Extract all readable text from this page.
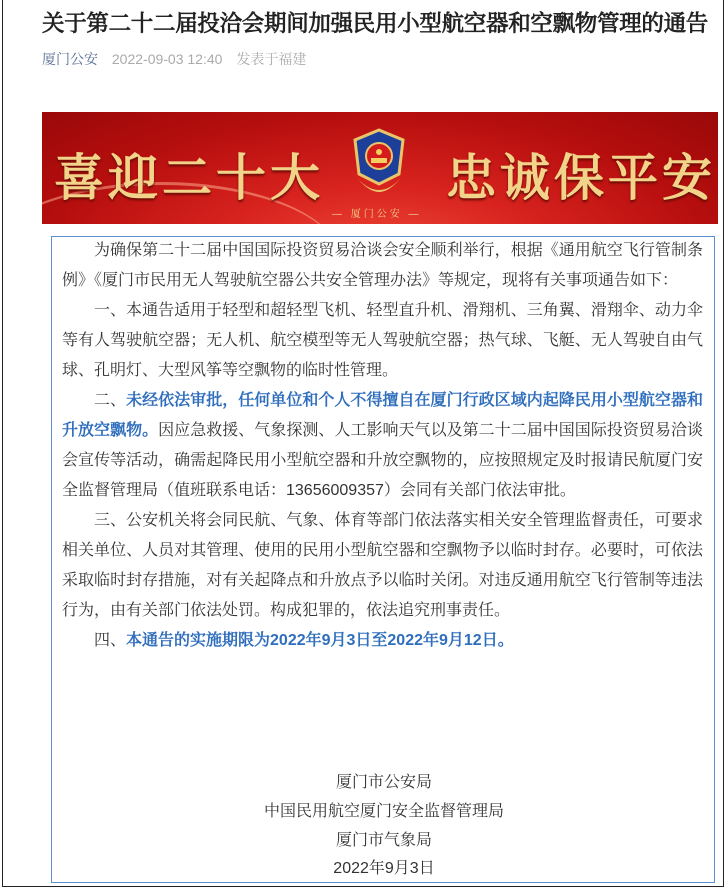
关于第二十二届投洽会期间加强民用小型航空器和空飘物管理的通告
厦门公安 2022-09-03 12:40 发表于福建
喜迎二十大 忠诚保平安
— 厦门公安 —

为确保第二十二届中国国际投资贸易洽谈会安全顺利举行，根据《通用航空飞行管制条例》《厦门市民用无人驾驶航空器公共安全管理办法》等规定，现将有关事项通告如下：

一、本通告适用于轻型和超轻型飞机、轻型直升机、滑翔机、三角翼、滑翔伞、动力伞等有人驾驶航空器；无人机、航空模型等无人驾驶航空器；热气球、飞艇、无人驾驶自由气球、孔明灯、大型风筝等空飘物的临时性管理。

二、未经依法审批，任何单位和个人不得擅自在厦门行政区域内起降民用小型航空器和升放空飘物。因应急救援、气象探测、人工影响天气以及第二十二届中国国际投资贸易洽谈会宣传等活动，确需起降民用小型航空器和升放空飘物的，应按照规定及时报请民航厦门安全监督管理局（值班联系电话：13656009357）会同有关部门依法审批。

三、公安机关将会同民航、气象、体育等部门依法落实相关安全管理监督责任，可要求相关单位、人员对其管理、使用的民用小型航空器和空飘物予以临时封存。必要时，可依法采取临时封存措施，对有关起降点和升放点予以临时关闭。对违反通用航空飞行管制等违法行为，由有关部门依法处罚。构成犯罪的，依法追究刑事责任。

四、本通告的实施期限为2022年9月3日至2022年9月12日。

厦门市公安局
中国民用航空厦门安全监督管理局
厦门市气象局
2022年9月3日
